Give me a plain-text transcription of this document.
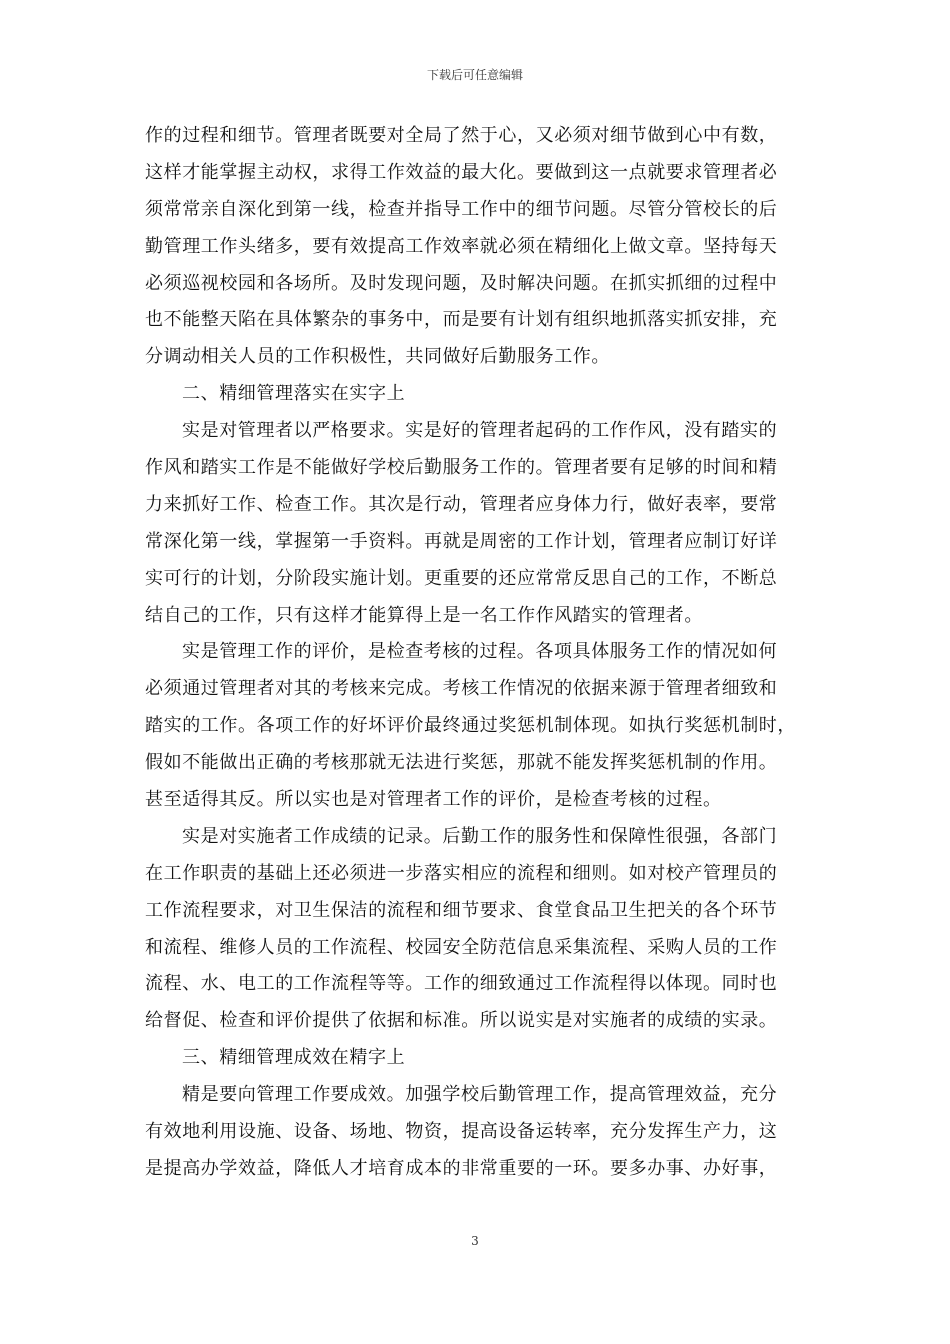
下载后可任意编辑
作的过程和细节。管理者既要对全局了然于心，又必须对细节做到心中有数，
这样才能掌握主动权，求得工作效益的最大化。要做到这一点就要求管理者必
须常常亲自深化到第一线，检查并指导工作中的细节问题。尽管分管校长的后
勤管理工作头绪多，要有效提高工作效率就必须在精细化上做文章。坚持每天
必须巡视校园和各场所。及时发现问题，及时解决问题。在抓实抓细的过程中
也不能整天陷在具体繁杂的事务中，而是要有计划有组织地抓落实抓安排，充
分调动相关人员的工作积极性，共同做好后勤服务工作。
二、精细管理落实在实字上
实是对管理者以严格要求。实是好的管理者起码的工作作风，没有踏实的
作风和踏实工作是不能做好学校后勤服务工作的。管理者要有足够的时间和精
力来抓好工作、检查工作。其次是行动，管理者应身体力行，做好表率，要常
常深化第一线，掌握第一手资料。再就是周密的工作计划，管理者应制订好详
实可行的计划，分阶段实施计划。更重要的还应常常反思自己的工作，不断总
结自己的工作，只有这样才能算得上是一名工作作风踏实的管理者。
实是管理工作的评价，是检查考核的过程。各项具体服务工作的情况如何
必须通过管理者对其的考核来完成。考核工作情况的依据来源于管理者细致和
踏实的工作。各项工作的好坏评价最终通过奖惩机制体现。如执行奖惩机制时，
假如不能做出正确的考核那就无法进行奖惩，那就不能发挥奖惩机制的作用。
甚至适得其反。所以实也是对管理者工作的评价，是检查考核的过程。
实是对实施者工作成绩的记录。后勤工作的服务性和保障性很强，各部门
在工作职责的基础上还必须进一步落实相应的流程和细则。如对校产管理员的
工作流程要求，对卫生保洁的流程和细节要求、食堂食品卫生把关的各个环节
和流程、维修人员的工作流程、校园安全防范信息采集流程、采购人员的工作
流程、水、电工的工作流程等等。工作的细致通过工作流程得以体现。同时也
给督促、检查和评价提供了依据和标准。所以说实是对实施者的成绩的实录。
三、精细管理成效在精字上
精是要向管理工作要成效。加强学校后勤管理工作，提高管理效益，充分
有效地利用设施、设备、场地、物资，提高设备运转率，充分发挥生产力，这
是提高办学效益，降低人才培育成本的非常重要的一环。要多办事、办好事，
3
